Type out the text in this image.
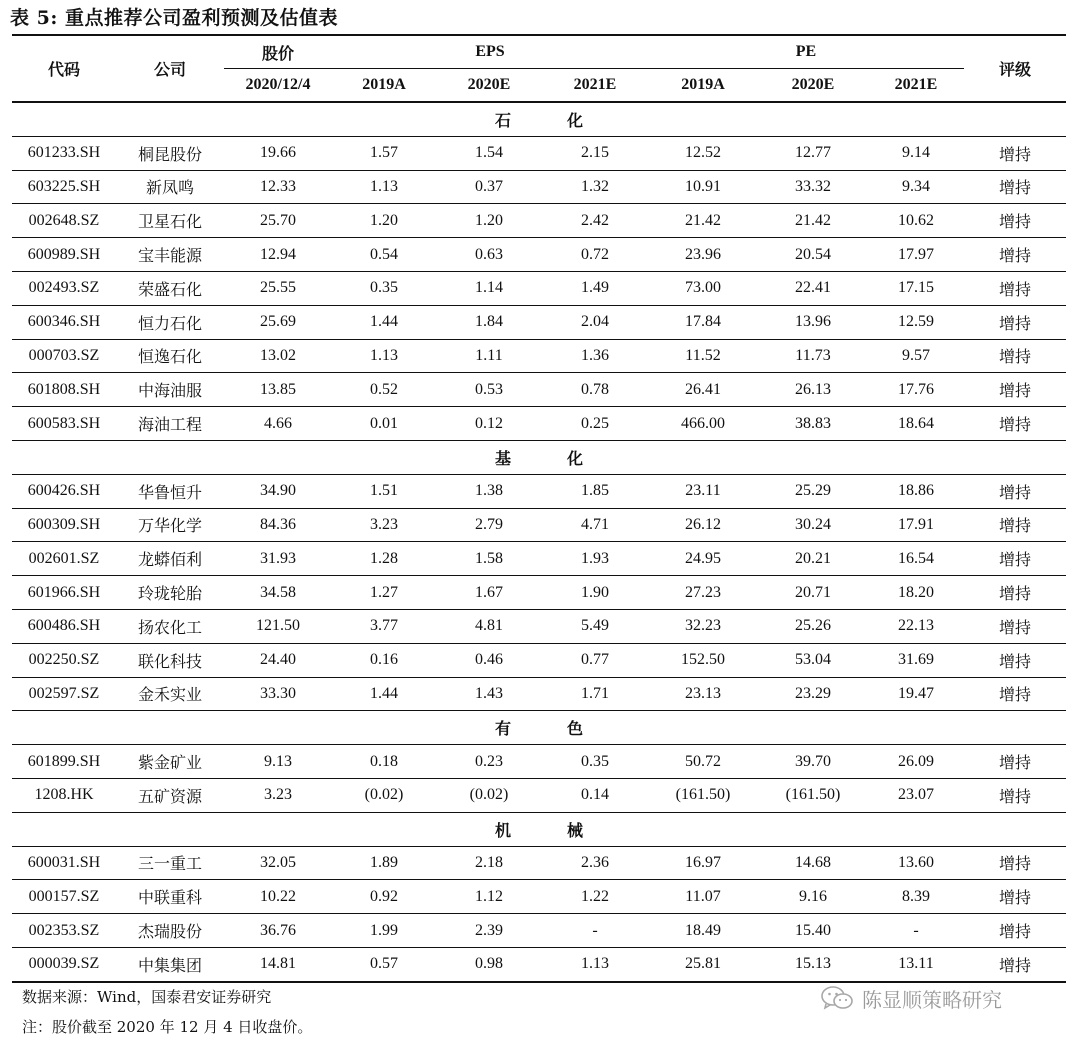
表 5: 重点推荐公司盈利预测及估值表
代码	公司	股价	EPS			PE			评级
		2020/12/4	2019A	2020E	2021E	2019A	2020E	2021E	
石　化									
601233.SH	桐昆股份	19.66	1.57	1.54	2.15	12.52	12.77	9.14	增持
603225.SH	新凤鸣	12.33	1.13	0.37	1.32	10.91	33.32	9.34	增持
002648.SZ	卫星石化	25.70	1.20	1.20	2.42	21.42	21.42	10.62	增持
600989.SH	宝丰能源	12.94	0.54	0.63	0.72	23.96	20.54	17.97	增持
002493.SZ	荣盛石化	25.55	0.35	1.14	1.49	73.00	22.41	17.15	增持
600346.SH	恒力石化	25.69	1.44	1.84	2.04	17.84	13.96	12.59	增持
000703.SZ	恒逸石化	13.02	1.13	1.11	1.36	11.52	11.73	9.57	增持
601808.SH	中海油服	13.85	0.52	0.53	0.78	26.41	26.13	17.76	增持
600583.SH	海油工程	4.66	0.01	0.12	0.25	466.00	38.83	18.64	增持
基　化									
600426.SH	华鲁恒升	34.90	1.51	1.38	1.85	23.11	25.29	18.86	增持
600309.SH	万华化学	84.36	3.23	2.79	4.71	26.12	30.24	17.91	增持
002601.SZ	龙蟒佰利	31.93	1.28	1.58	1.93	24.95	20.21	16.54	增持
601966.SH	玲珑轮胎	34.58	1.27	1.67	1.90	27.23	20.71	18.20	增持
600486.SH	扬农化工	121.50	3.77	4.81	5.49	32.23	25.26	22.13	增持
002250.SZ	联化科技	24.40	0.16	0.46	0.77	152.50	53.04	31.69	增持
002597.SZ	金禾实业	33.30	1.44	1.43	1.71	23.13	23.29	19.47	增持
有　色									
601899.SH	紫金矿业	9.13	0.18	0.23	0.35	50.72	39.70	26.09	增持
1208.HK	五矿资源	3.23	(0.02)	(0.02)	0.14	(161.50)	(161.50)	23.07	增持
机　械									
600031.SH	三一重工	32.05	1.89	2.18	2.36	16.97	14.68	13.60	增持
000157.SZ	中联重科	10.22	0.92	1.12	1.22	11.07	9.16	8.39	增持
002353.SZ	杰瑞股份	36.76	1.99	2.39	-	18.49	15.40	-	增持
000039.SZ	中集集团	14.81	0.57	0.98	1.13	25.81	15.13	13.11	增持
数据来源：Wind，国泰君安证券研究
注：股价截至 2020 年 12 月 4 日收盘价。
陈显顺策略研究
